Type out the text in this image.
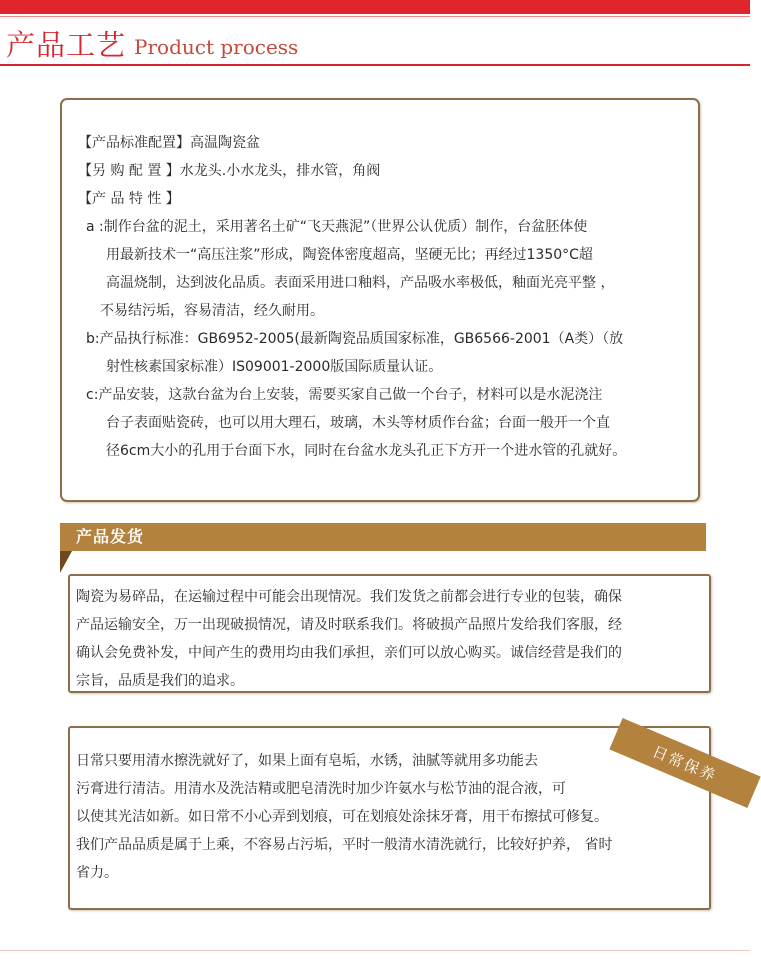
产品工艺 Product process
【产品标准配置】高温陶瓷盆
【另 购 配 置 】水龙头.小水龙头，排水管，角阀
【产 品 特 性 】
a :制作台盆的泥土，采用著名土矿“飞天燕泥”（世界公认优质）制作，台盆胚体使
用最新技术一“高压注浆”形成，陶瓷体密度超高，坚硬无比；再经过1350°C超
高温烧制，达到波化品质。表面采用进口釉料，产品吸水率极低，釉面光亮平整 ，
不易结污垢，容易清洁，经久耐用。
b:产品执行标准：GB6952-2005(最新陶瓷品质国家标准，GB6566-2001（A类）（放
射性核素国家标准）IS09001-2000版国际质量认证。
c:产品安装，这款台盆为台上安装，需要买家自己做一个台子，材料可以是水泥浇注
台子表面贴瓷砖，也可以用大理石，玻璃，木头等材质作台盆；台面一般开一个直
径6cm大小的孔用于台面下水，同时在台盆水龙头孔正下方开一个进水管的孔就好。
产品发货
陶瓷为易碎品，在运输过程中可能会出现情况。我们发货之前都会进行专业的包装，确保
产品运输安全，万一出现破损情况，请及时联系我们。将破损产品照片发给我们客服，经
确认会免费补发，中间产生的费用均由我们承担，亲们可以放心购买。诚信经营是我们的
宗旨，品质是我们的追求。
日常保养
日常只要用清水擦洗就好了，如果上面有皂垢，水锈，油腻等就用多功能去
污膏进行清洁。用清水及洗洁精或肥皂清洗时加少许氨水与松节油的混合液，可
以使其光洁如新。如日常不小心弄到划痕，可在划痕处涂抹牙膏，用干布擦拭可修复。
我们产品品质是属于上乘，不容易占污垢，平时一般清水清洗就行，比较好护养， 省时
省力。
